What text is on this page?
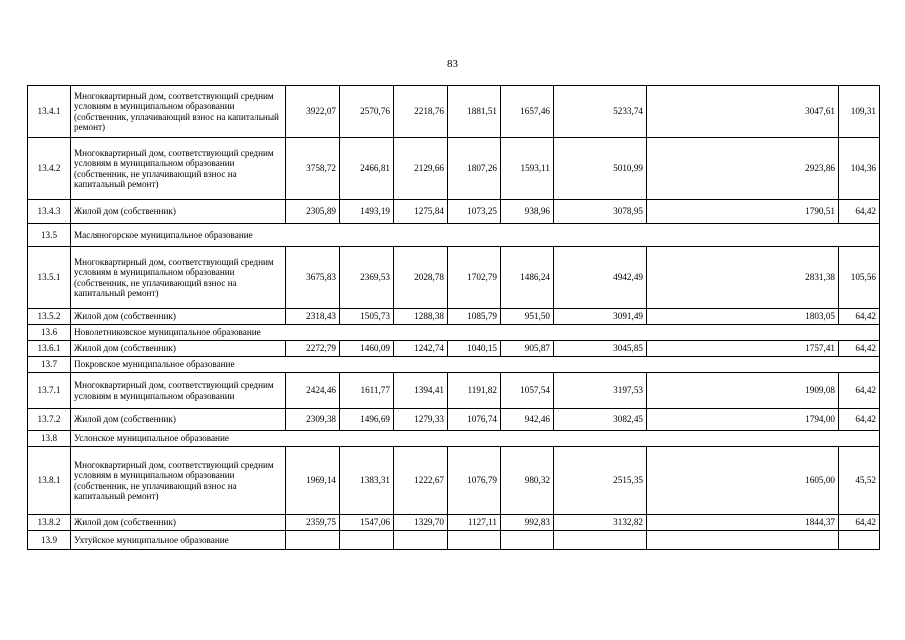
83
13.4.1	Многоквартирный дом, соответствующий средним условиям в муниципальном образовании (собственник, уплачивающий взнос на капитальный ремонт)	3922,07	2570,76	2218,76	1881,51	1657,46	5233,74	3047,61	109,31
13.4.2	Многоквартирный дом, соответствующий средним условиям в муниципальном образовании (собственник, не уплачивающий взнос на капитальный ремонт)	3758,72	2466,81	2129,66	1807,26	1593,11	5010,99	2923,86	104,36
13.4.3	Жилой дом (собственник)	2305,89	1493,19	1275,84	1073,25	938,96	3078,95	1790,51	64,42
13.5	Масляногорское муниципальное образование								
13.5.1	Многоквартирный дом, соответствующий средним условиям в муниципальном образовании (собственник, не уплачивающий взнос на капитальный ремонт)	3675,83	2369,53	2028,78	1702,79	1486,24	4942,49	2831,38	105,56
13.5.2	Жилой дом (собственник)	2318,43	1505,73	1288,38	1085,79	951,50	3091,49	1803,05	64,42
13.6	Новолетниковское муниципальное образование								
13.6.1	Жилой дом (собственник)	2272,79	1460,09	1242,74	1040,15	905,87	3045,85	1757,41	64,42
13.7	Покровское муниципальное образование								
13.7.1	Многоквартирный дом, соответствующий средним условиям в муниципальном образовании	2424,46	1611,77	1394,41	1191,82	1057,54	3197,53	1909,08	64,42
13.7.2	Жилой дом (собственник)	2309,38	1496,69	1279,33	1076,74	942,46	3082,45	1794,00	64,42
13.8	Услонское муниципальное образование								
13.8.1	Многоквартирный дом, соответствующий средним условиям в муниципальном образовании (собственник, не уплачивающий взнос на капитальный ремонт)	1969,14	1383,31	1222,67	1076,79	980,32	2515,35	1605,00	45,52
13.8.2	Жилой дом (собственник)	2359,75	1547,06	1329,70	1127,11	992,83	3132,82	1844,37	64,42
13.9	Ухтуйское муниципальное образование								
